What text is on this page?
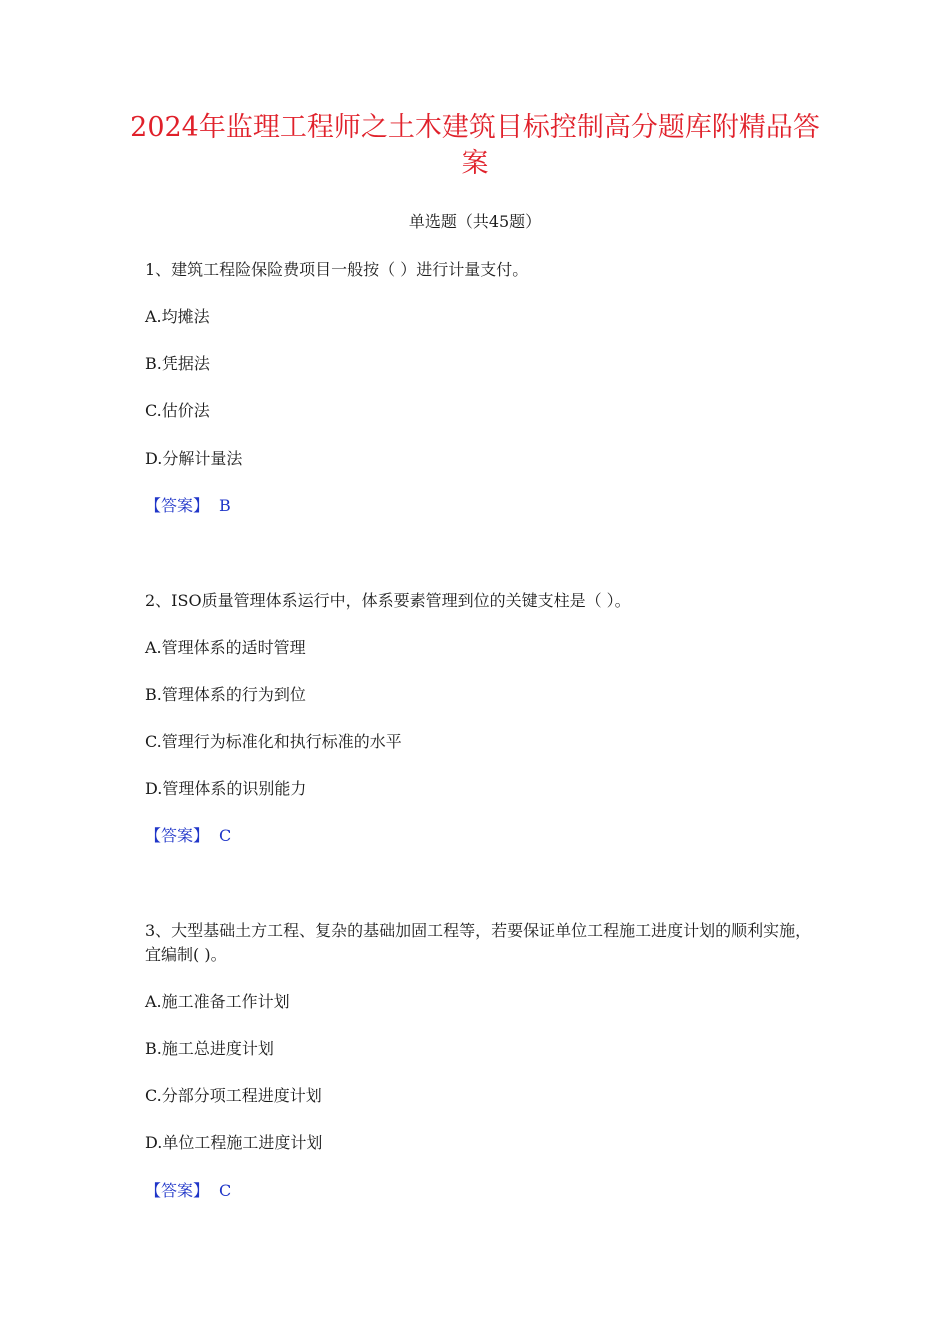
2024年监理工程师之土木建筑目标控制高分题库附精品答案
单选题（共45题）

1、建筑工程险保险费项目一般按（ ）进行计量支付。

A.均摊法

B.凭据法

C.估价法

D.分解计量法

【答案】 B

2、ISO质量管理体系运行中，体系要素管理到位的关键支柱是（ ）。

A.管理体系的适时管理

B.管理体系的行为到位

C.管理行为标准化和执行标准的水平

D.管理体系的识别能力

【答案】 C

3、大型基础土方工程、复杂的基础加固工程等，若要保证单位工程施工进度计划的顺利实施，宜编制( )。

A.施工准备工作计划

B.施工总进度计划

C.分部分项工程进度计划

D.单位工程施工进度计划

【答案】 C
